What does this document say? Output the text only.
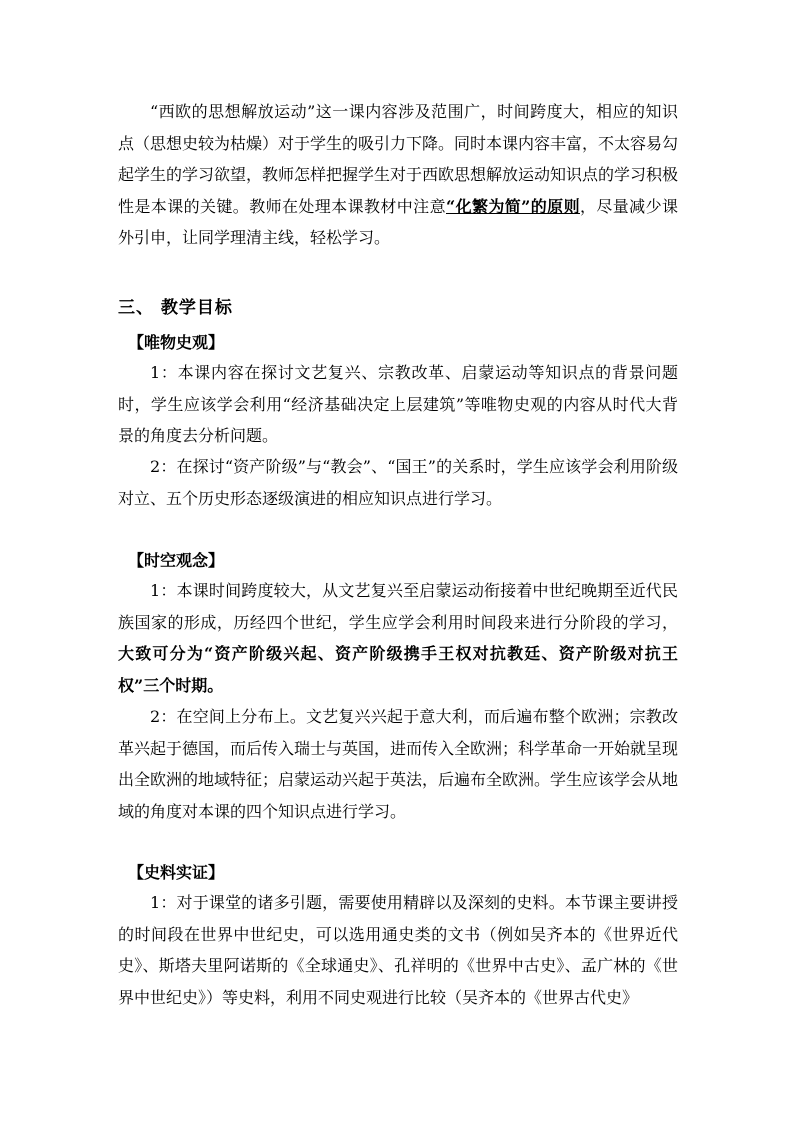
“西欧的思想解放运动”这一课内容涉及范围广，时间跨度大，相应的知识点（思想史较为枯燥）对于学生的吸引力下降。同时本课内容丰富，不太容易勾起学生的学习欲望，教师怎样把握学生对于西欧思想解放运动知识点的学习积极性是本课的关键。教师在处理本课教材中注意“化繁为简”的原则，尽量减少课外引申，让同学理清主线，轻松学习。

三、 教学目标
【唯物史观】

1：本课内容在探讨文艺复兴、宗教改革、启蒙运动等知识点的背景问题时，学生应该学会利用“经济基础决定上层建筑”等唯物史观的内容从时代大背景的角度去分析问题。

2：在探讨“资产阶级”与“教会”、“国王”的关系时，学生应该学会利用阶级对立、五个历史形态逐级演进的相应知识点进行学习。

【时空观念】

1：本课时间跨度较大，从文艺复兴至启蒙运动衔接着中世纪晚期至近代民族国家的形成，历经四个世纪，学生应学会利用时间段来进行分阶段的学习，大致可分为“资产阶级兴起、资产阶级携手王权对抗教廷、资产阶级对抗王权”三个时期。

2：在空间上分布上。文艺复兴兴起于意大利，而后遍布整个欧洲；宗教改革兴起于德国，而后传入瑞士与英国，进而传入全欧洲；科学革命一开始就呈现出全欧洲的地域特征；启蒙运动兴起于英法，后遍布全欧洲。学生应该学会从地域的角度对本课的四个知识点进行学习。

【史料实证】

1：对于课堂的诸多引题，需要使用精辟以及深刻的史料。本节课主要讲授的时间段在世界中世纪史，可以选用通史类的文书（例如吴齐本的《世界近代史》、斯塔夫里阿诺斯的《全球通史》、孔祥明的《世界中古史》、孟广林的《世界中世纪史》）等史料，利用不同史观进行比较（吴齐本的《世界古代史》
